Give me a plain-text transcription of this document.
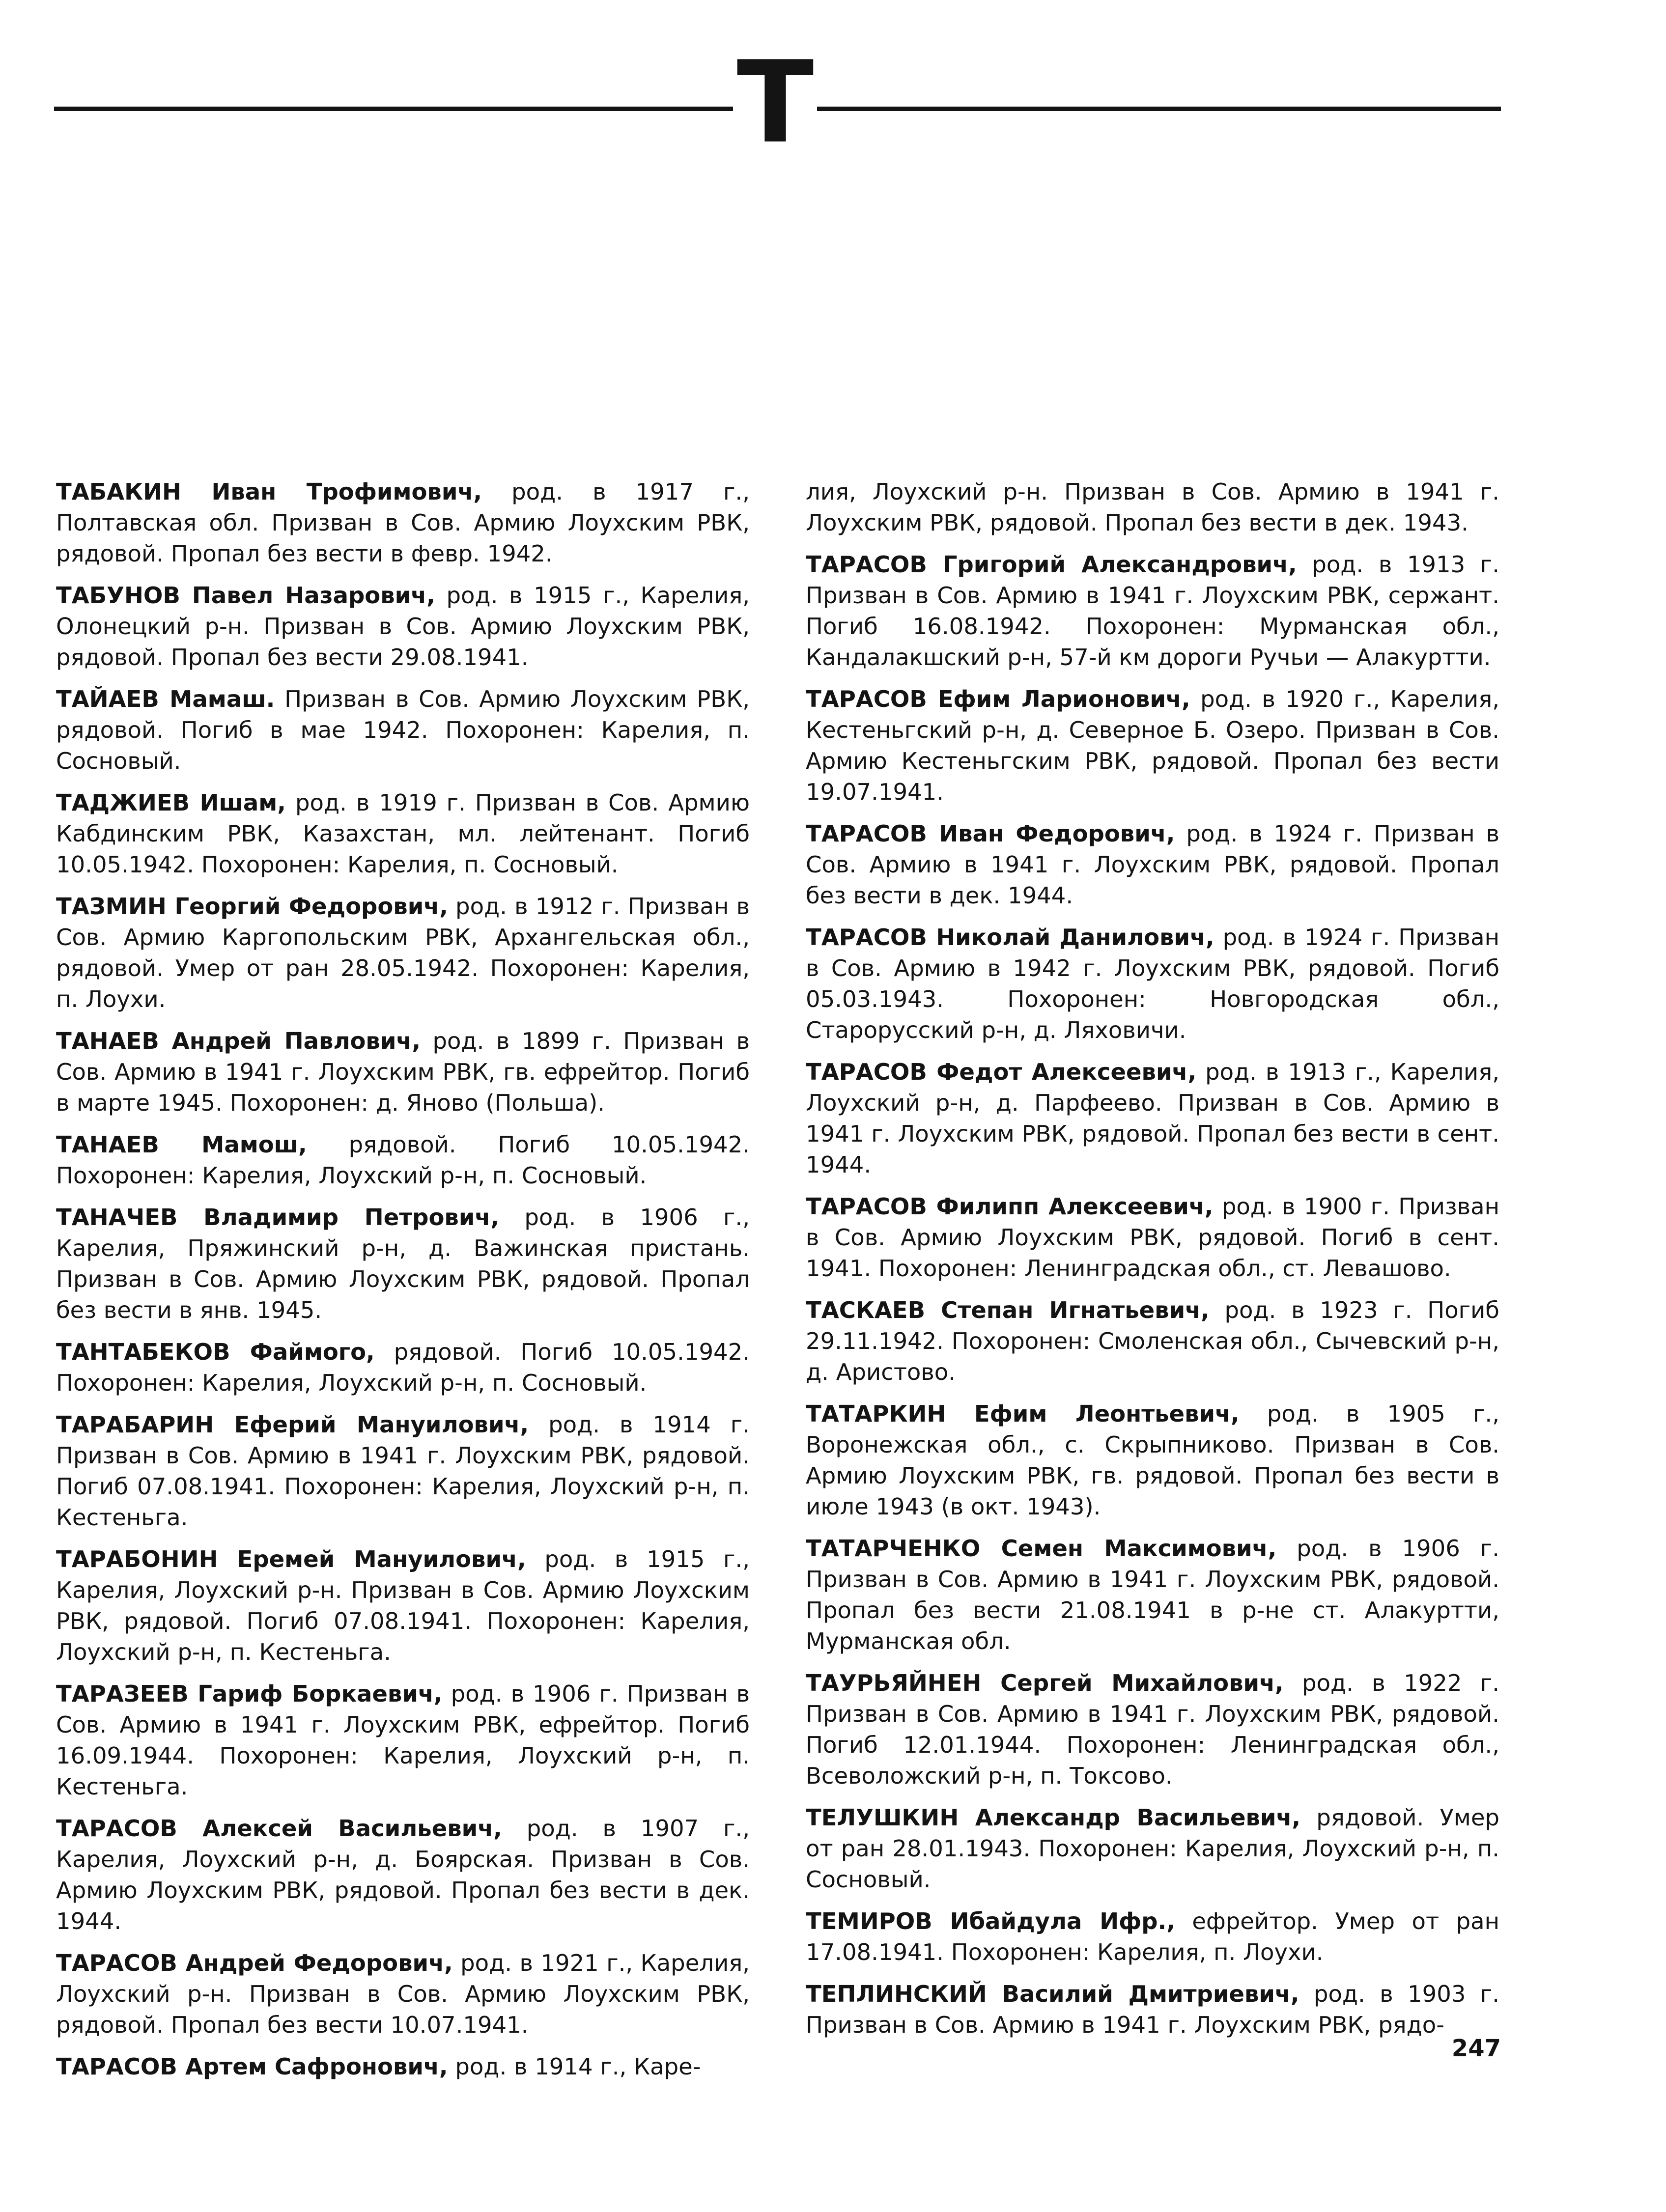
Т

ТАБАКИН Иван Трофимович, род. в 1917 г., Полтавская обл. Призван в Сов. Армию Лоухским РВК, рядовой. Пропал без вести в февр. 1942.

ТАБУНОВ Павел Назарович, род. в 1915 г., Карелия, Олонецкий р-н. Призван в Сов. Армию Лоухским РВК, рядовой. Пропал без вести 29.08.1941.

ТАЙАЕВ Мамаш. Призван в Сов. Армию Лоухским РВК, рядовой. Погиб в мае 1942. Похоронен: Карелия, п. Сосновый.

ТАДЖИЕВ Ишам, род. в 1919 г. Призван в Сов. Армию Кабдинским РВК, Казахстан, мл. лейтенант. Погиб 10.05.1942. Похоронен: Карелия, п. Сосновый.

ТАЗМИН Георгий Федорович, род. в 1912 г. Призван в Сов. Армию Каргопольским РВК, Архангельская обл., рядовой. Умер от ран 28.05.1942. Похоронен: Карелия, п. Лоухи.

ТАНАЕВ Андрей Павлович, род. в 1899 г. Призван в Сов. Армию в 1941 г. Лоухским РВК, гв. ефрейтор. Погиб в марте 1945. Похоронен: д. Яново (Польша).

ТАНАЕВ Мамош, рядовой. Погиб 10.05.1942. Похоронен: Карелия, Лоухский р-н, п. Сосновый.

ТАНАЧЕВ Владимир Петрович, род. в 1906 г., Карелия, Пряжинский р-н, д. Важинская пристань. Призван в Сов. Армию Лоухским РВК, рядовой. Пропал без вести в янв. 1945.

ТАНТАБЕКОВ Файмого, рядовой. Погиб 10.05.1942. Похоронен: Карелия, Лоухский р-н, п. Сосновый.

ТАРАБАРИН Еферий Мануилович, род. в 1914 г. Призван в Сов. Армию в 1941 г. Лоухским РВК, рядовой. Погиб 07.08.1941. Похоронен: Карелия, Лоухский р-н, п. Кестеньга.

ТАРАБОНИН Еремей Мануилович, род. в 1915 г., Карелия, Лоухский р-н. Призван в Сов. Армию Лоухским РВК, рядовой. Погиб 07.08.1941. Похоронен: Карелия, Лоухский р-н, п. Кестеньга.

ТАРАЗЕЕВ Гариф Боркаевич, род. в 1906 г. Призван в Сов. Армию в 1941 г. Лоухским РВК, ефрейтор. Погиб 16.09.1944. Похоронен: Карелия, Лоухский р-н, п. Кестеньга.

ТАРАСОВ Алексей Васильевич, род. в 1907 г., Карелия, Лоухский р-н, д. Боярская. Призван в Сов. Армию Лоухским РВК, рядовой. Пропал без вести в дек. 1944.

ТАРАСОВ Андрей Федорович, род. в 1921 г., Карелия, Лоухский р-н. Призван в Сов. Армию Лоухским РВК, рядовой. Пропал без вести 10.07.1941.

ТАРАСОВ Артем Сафронович, род. в 1914 г., Каре-

лия, Лоухский р-н. Призван в Сов. Армию в 1941 г. Лоухским РВК, рядовой. Пропал без вести в дек. 1943.

ТАРАСОВ Григорий Александрович, род. в 1913 г. Призван в Сов. Армию в 1941 г. Лоухским РВК, сержант. Погиб 16.08.1942. Похоронен: Мурманская обл., Кандалакшский р-н, 57-й км дороги Ручьи — Алакуртти.

ТАРАСОВ Ефим Ларионович, род. в 1920 г., Карелия, Кестеньгский р-н, д. Северное Б. Озеро. Призван в Сов. Армию Кестеньгским РВК, рядовой. Пропал без вести 19.07.1941.

ТАРАСОВ Иван Федорович, род. в 1924 г. Призван в Сов. Армию в 1941 г. Лоухским РВК, рядовой. Пропал без вести в дек. 1944.

ТАРАСОВ Николай Данилович, род. в 1924 г. Призван в Сов. Армию в 1942 г. Лоухским РВК, рядовой. Погиб 05.03.1943. Похоронен: Новгородская обл., Старорусский р-н, д. Ляховичи.

ТАРАСОВ Федот Алексеевич, род. в 1913 г., Карелия, Лоухский р-н, д. Парфеево. Призван в Сов. Армию в 1941 г. Лоухским РВК, рядовой. Пропал без вести в сент. 1944.

ТАРАСОВ Филипп Алексеевич, род. в 1900 г. Призван в Сов. Армию Лоухским РВК, рядовой. Погиб в сент. 1941. Похоронен: Ленинградская обл., ст. Левашово.

ТАСКАЕВ Степан Игнатьевич, род. в 1923 г. Погиб 29.11.1942. Похоронен: Смоленская обл., Сычевский р-н, д. Аристово.

ТАТАРКИН Ефим Леонтьевич, род. в 1905 г., Воронежская обл., с. Скрыпниково. Призван в Сов. Армию Лоухским РВК, гв. рядовой. Пропал без вести в июле 1943 (в окт. 1943).

ТАТАРЧЕНКО Семен Максимович, род. в 1906 г. Призван в Сов. Армию в 1941 г. Лоухским РВК, рядовой. Пропал без вести 21.08.1941 в р-не ст. Алакуртти, Мурманская обл.

ТАУРЬЯЙНЕН Сергей Михайлович, род. в 1922 г. Призван в Сов. Армию в 1941 г. Лоухским РВК, рядовой. Погиб 12.01.1944. Похоронен: Ленинградская обл., Всеволожский р-н, п. Токсово.

ТЕЛУШКИН Александр Васильевич, рядовой. Умер от ран 28.01.1943. Похоронен: Карелия, Лоухский р-н, п. Сосновый.

ТЕМИРОВ Ибайдула Ифр., ефрейтор. Умер от ран 17.08.1941. Похоронен: Карелия, п. Лоухи.

ТЕПЛИНСКИЙ Василий Дмитриевич, род. в 1903 г. Призван в Сов. Армию в 1941 г. Лоухским РВК, рядо-

247
